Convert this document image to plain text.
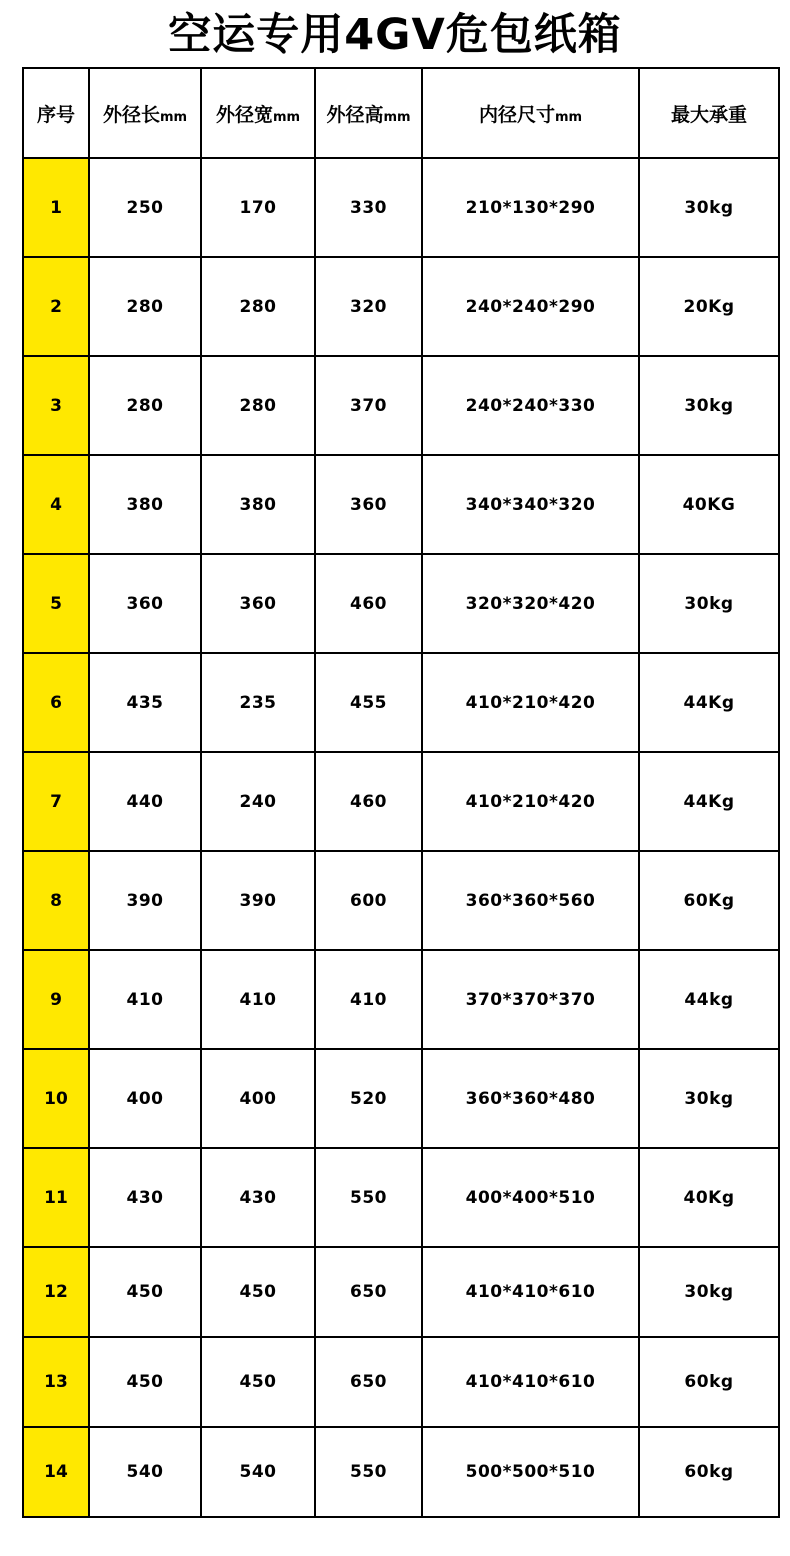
空运专用4GV危包纸箱
序号	外径长mm	外径宽mm	外径高mm	内径尺寸mm	最大承重
1	250	170	330	210*130*290	30kg
2	280	280	320	240*240*290	20Kg
3	280	280	370	240*240*330	30kg
4	380	380	360	340*340*320	40KG
5	360	360	460	320*320*420	30kg
6	435	235	455	410*210*420	44Kg
7	440	240	460	410*210*420	44Kg
8	390	390	600	360*360*560	60Kg
9	410	410	410	370*370*370	44kg
10	400	400	520	360*360*480	30kg
11	430	430	550	400*400*510	40Kg
12	450	450	650	410*410*610	30kg
13	450	450	650	410*410*610	60kg
14	540	540	550	500*500*510	60kg
